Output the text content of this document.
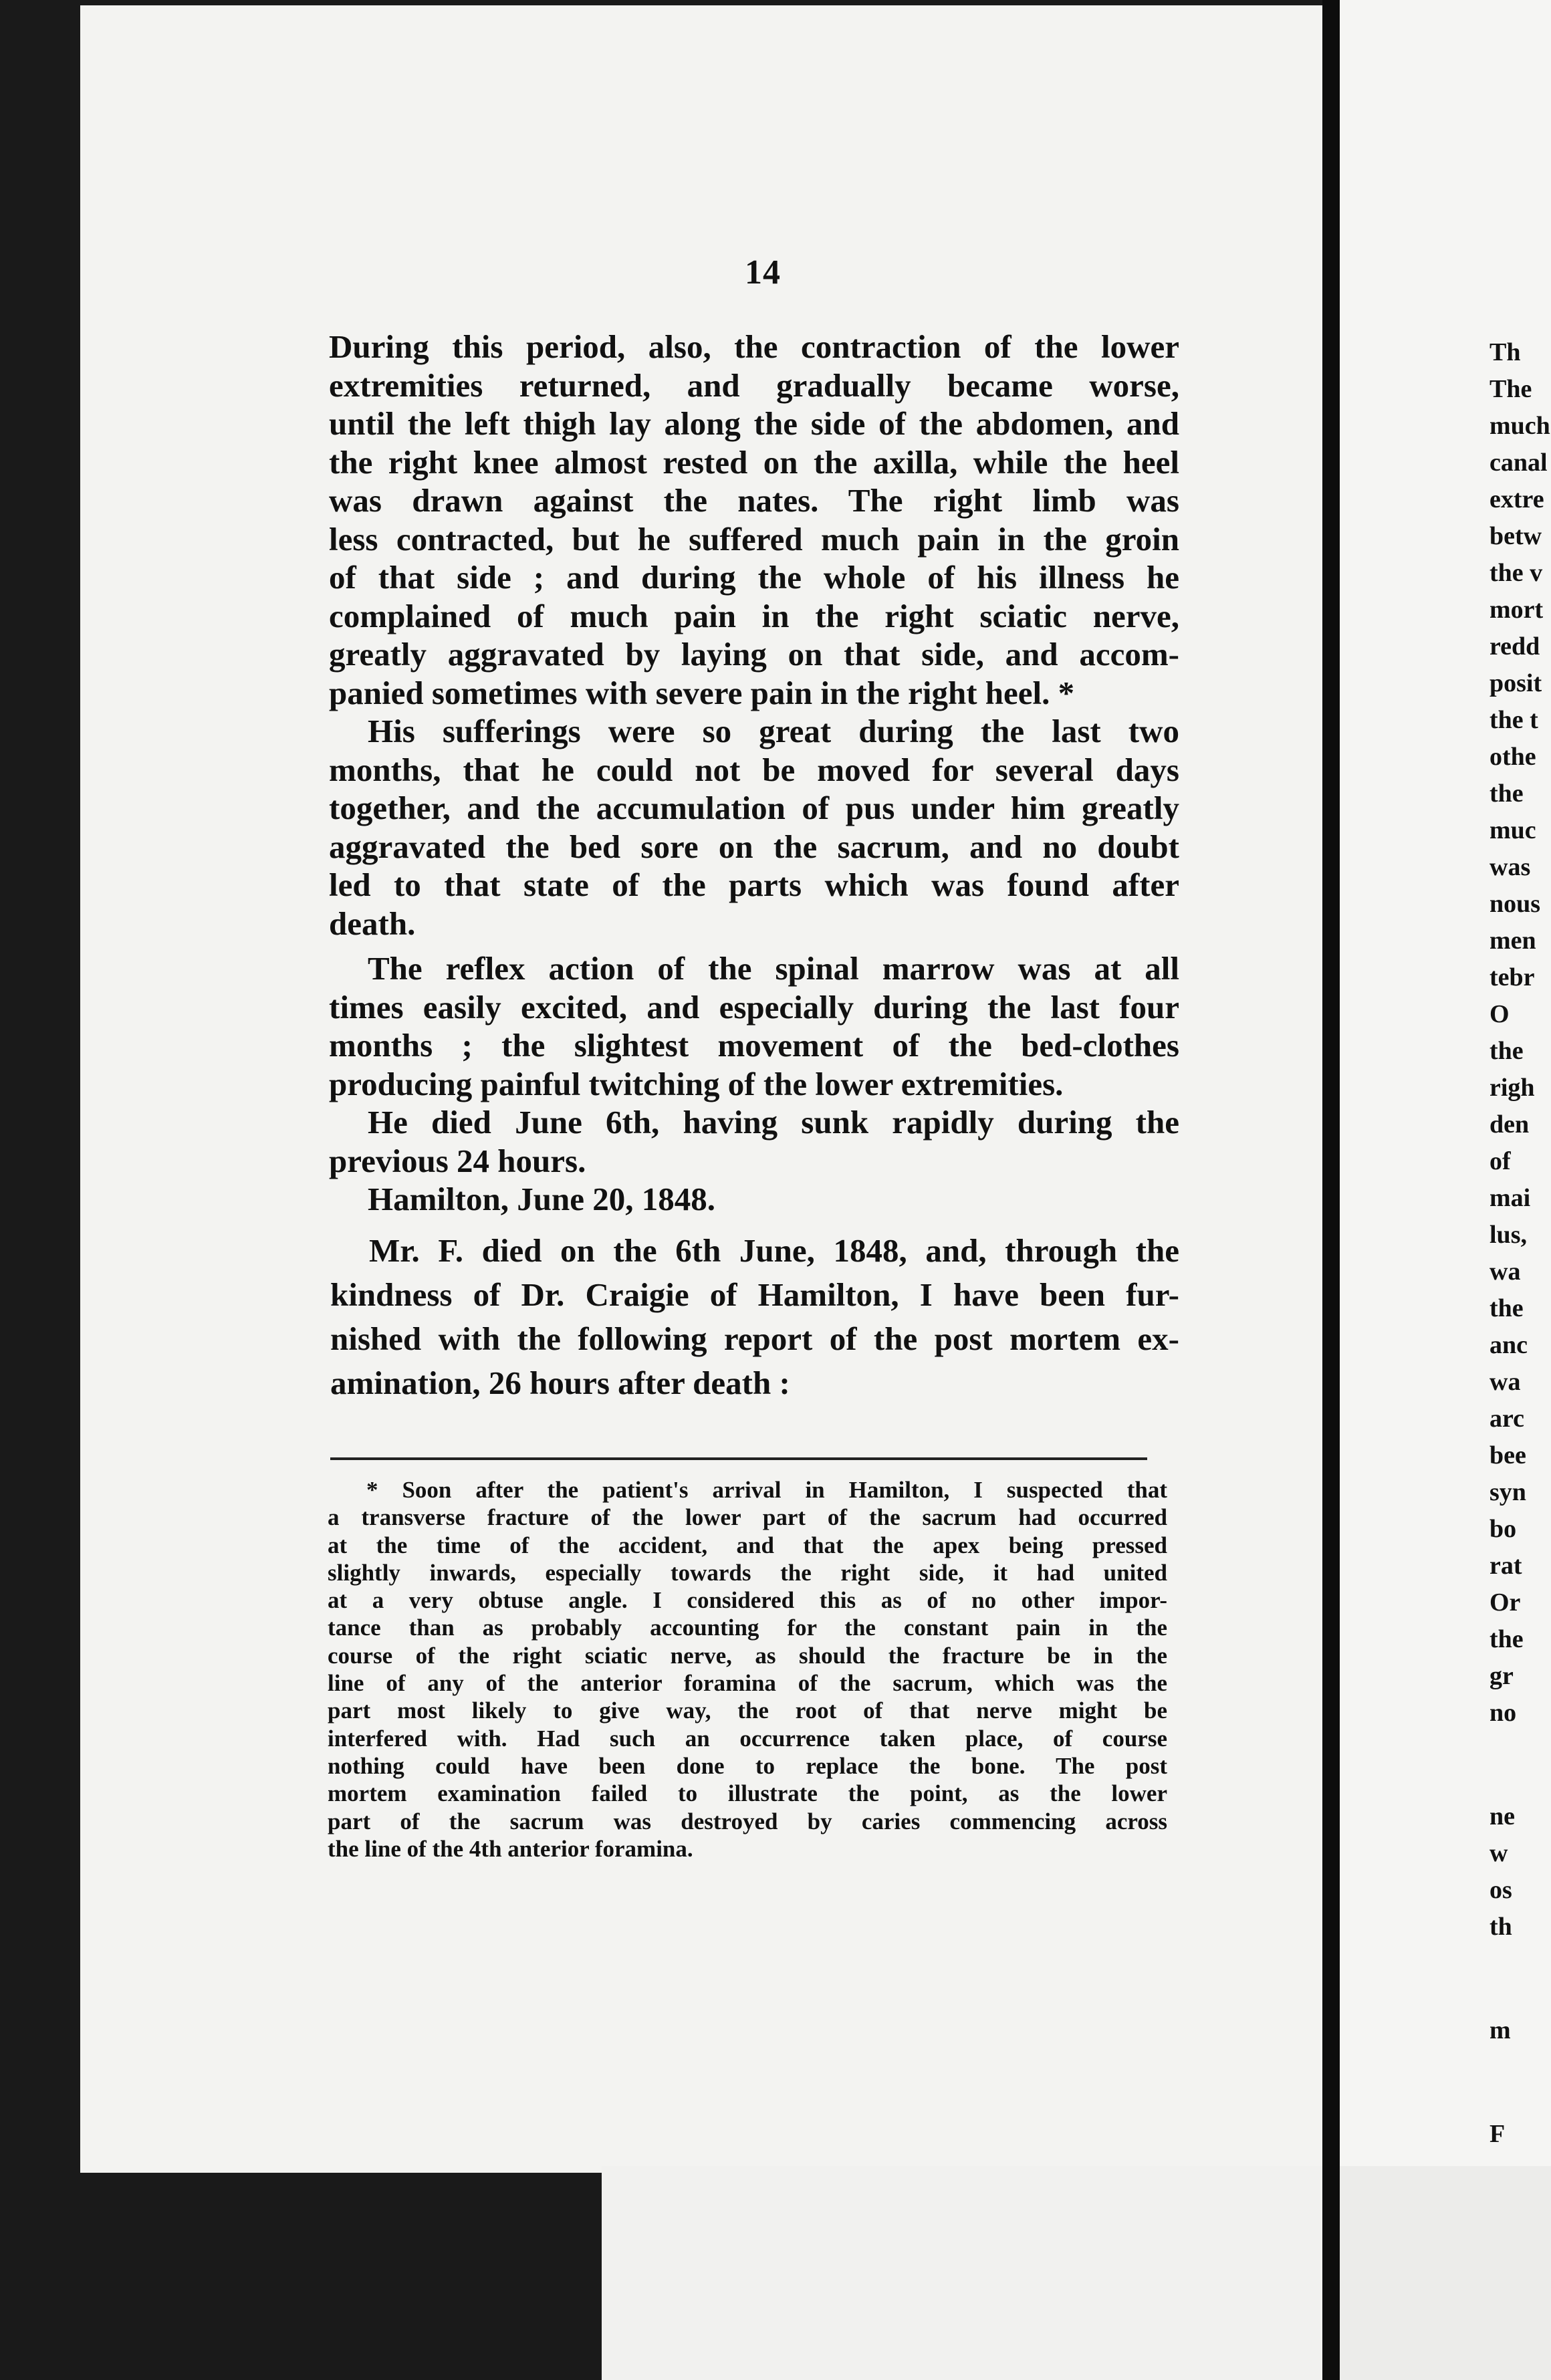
14
During this period, also, the contraction of the lower
extremities returned, and gradually became worse,
until the left thigh lay along the side of the abdomen, and
the right knee almost rested on the axilla, while the heel
was drawn against the nates. The right limb was
less contracted, but he suffered much pain in the groin
of that side ; and during the whole of his illness he
complained of much pain in the right sciatic nerve,
greatly aggravated by laying on that side, and accom-
panied sometimes with severe pain in the right heel. *
His sufferings were so great during the last two
months, that he could not be moved for several days
together, and the accumulation of pus under him greatly
aggravated the bed sore on the sacrum, and no doubt
led to that state of the parts which was found after
death.
The reflex action of the spinal marrow was at all
times easily excited, and especially during the last four
months ; the slightest movement of the bed-clothes
producing painful twitching of the lower extremities.
He died June 6th, having sunk rapidly during the
previous 24 hours.
Hamilton, June 20, 1848.
Mr. F. died on the 6th June, 1848, and, through the
kindness of Dr. Craigie of Hamilton, I have been fur-
nished with the following report of the post mortem ex-
amination, 26 hours after death :
* Soon after the patient's arrival in Hamilton, I suspected that
a transverse fracture of the lower part of the sacrum had occurred
at the time of the accident, and that the apex being pressed
slightly inwards, especially towards the right side, it had united
at a very obtuse angle. I considered this as of no other impor-
tance than as probably accounting for the constant pain in the
course of the right sciatic nerve, as should the fracture be in the
line of any of the anterior foramina of the sacrum, which was the
part most likely to give way, the root of that nerve might be
interfered with. Had such an occurrence taken place, of course
nothing could have been done to replace the bone. The post
mortem examination failed to illustrate the point, as the lower
part of the sacrum was destroyed by caries commencing across
the line of the 4th anterior foramina.
Th
The
much
canal
extre
betw
the v
mort
redd
posit
the t
othe
the
muc
was
nous
men
tebr
O
the
righ
den
of
mai
lus,
wa
the
anc
wa
arc
bee
syn
bo
rat
Or
the
gr
no
ne
w
os
th
m
F
